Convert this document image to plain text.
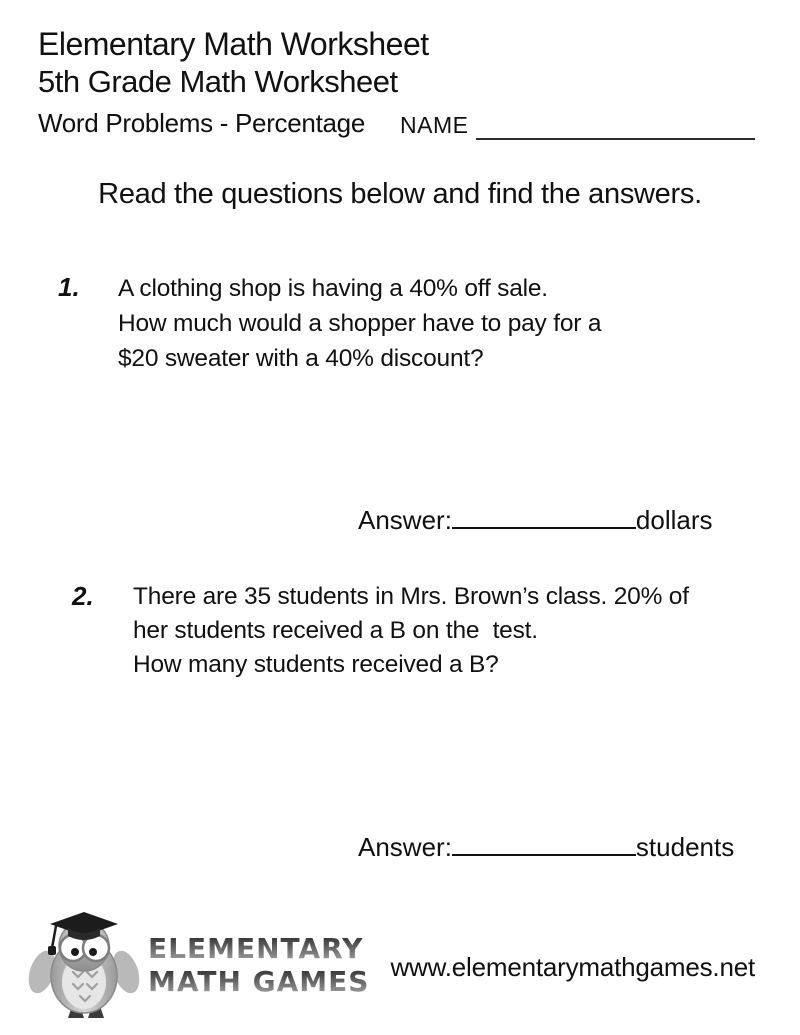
Elementary Math Worksheet
5th Grade Math Worksheet
Word Problems - Percentage NAME
Read the questions below and find the answers.
1. A clothing shop is having a 40% off sale.
How much would a shopper have to pay for a
$20 sweater with a 40% discount?
Answer:	dollars
2. There are 35 students in Mrs. Brown’s class. 20% of
her students received a B on the  test.
How many students received a B?
Answer:	students
ELEMENTARY
MATH GAMES www.elementarymathgames.net
